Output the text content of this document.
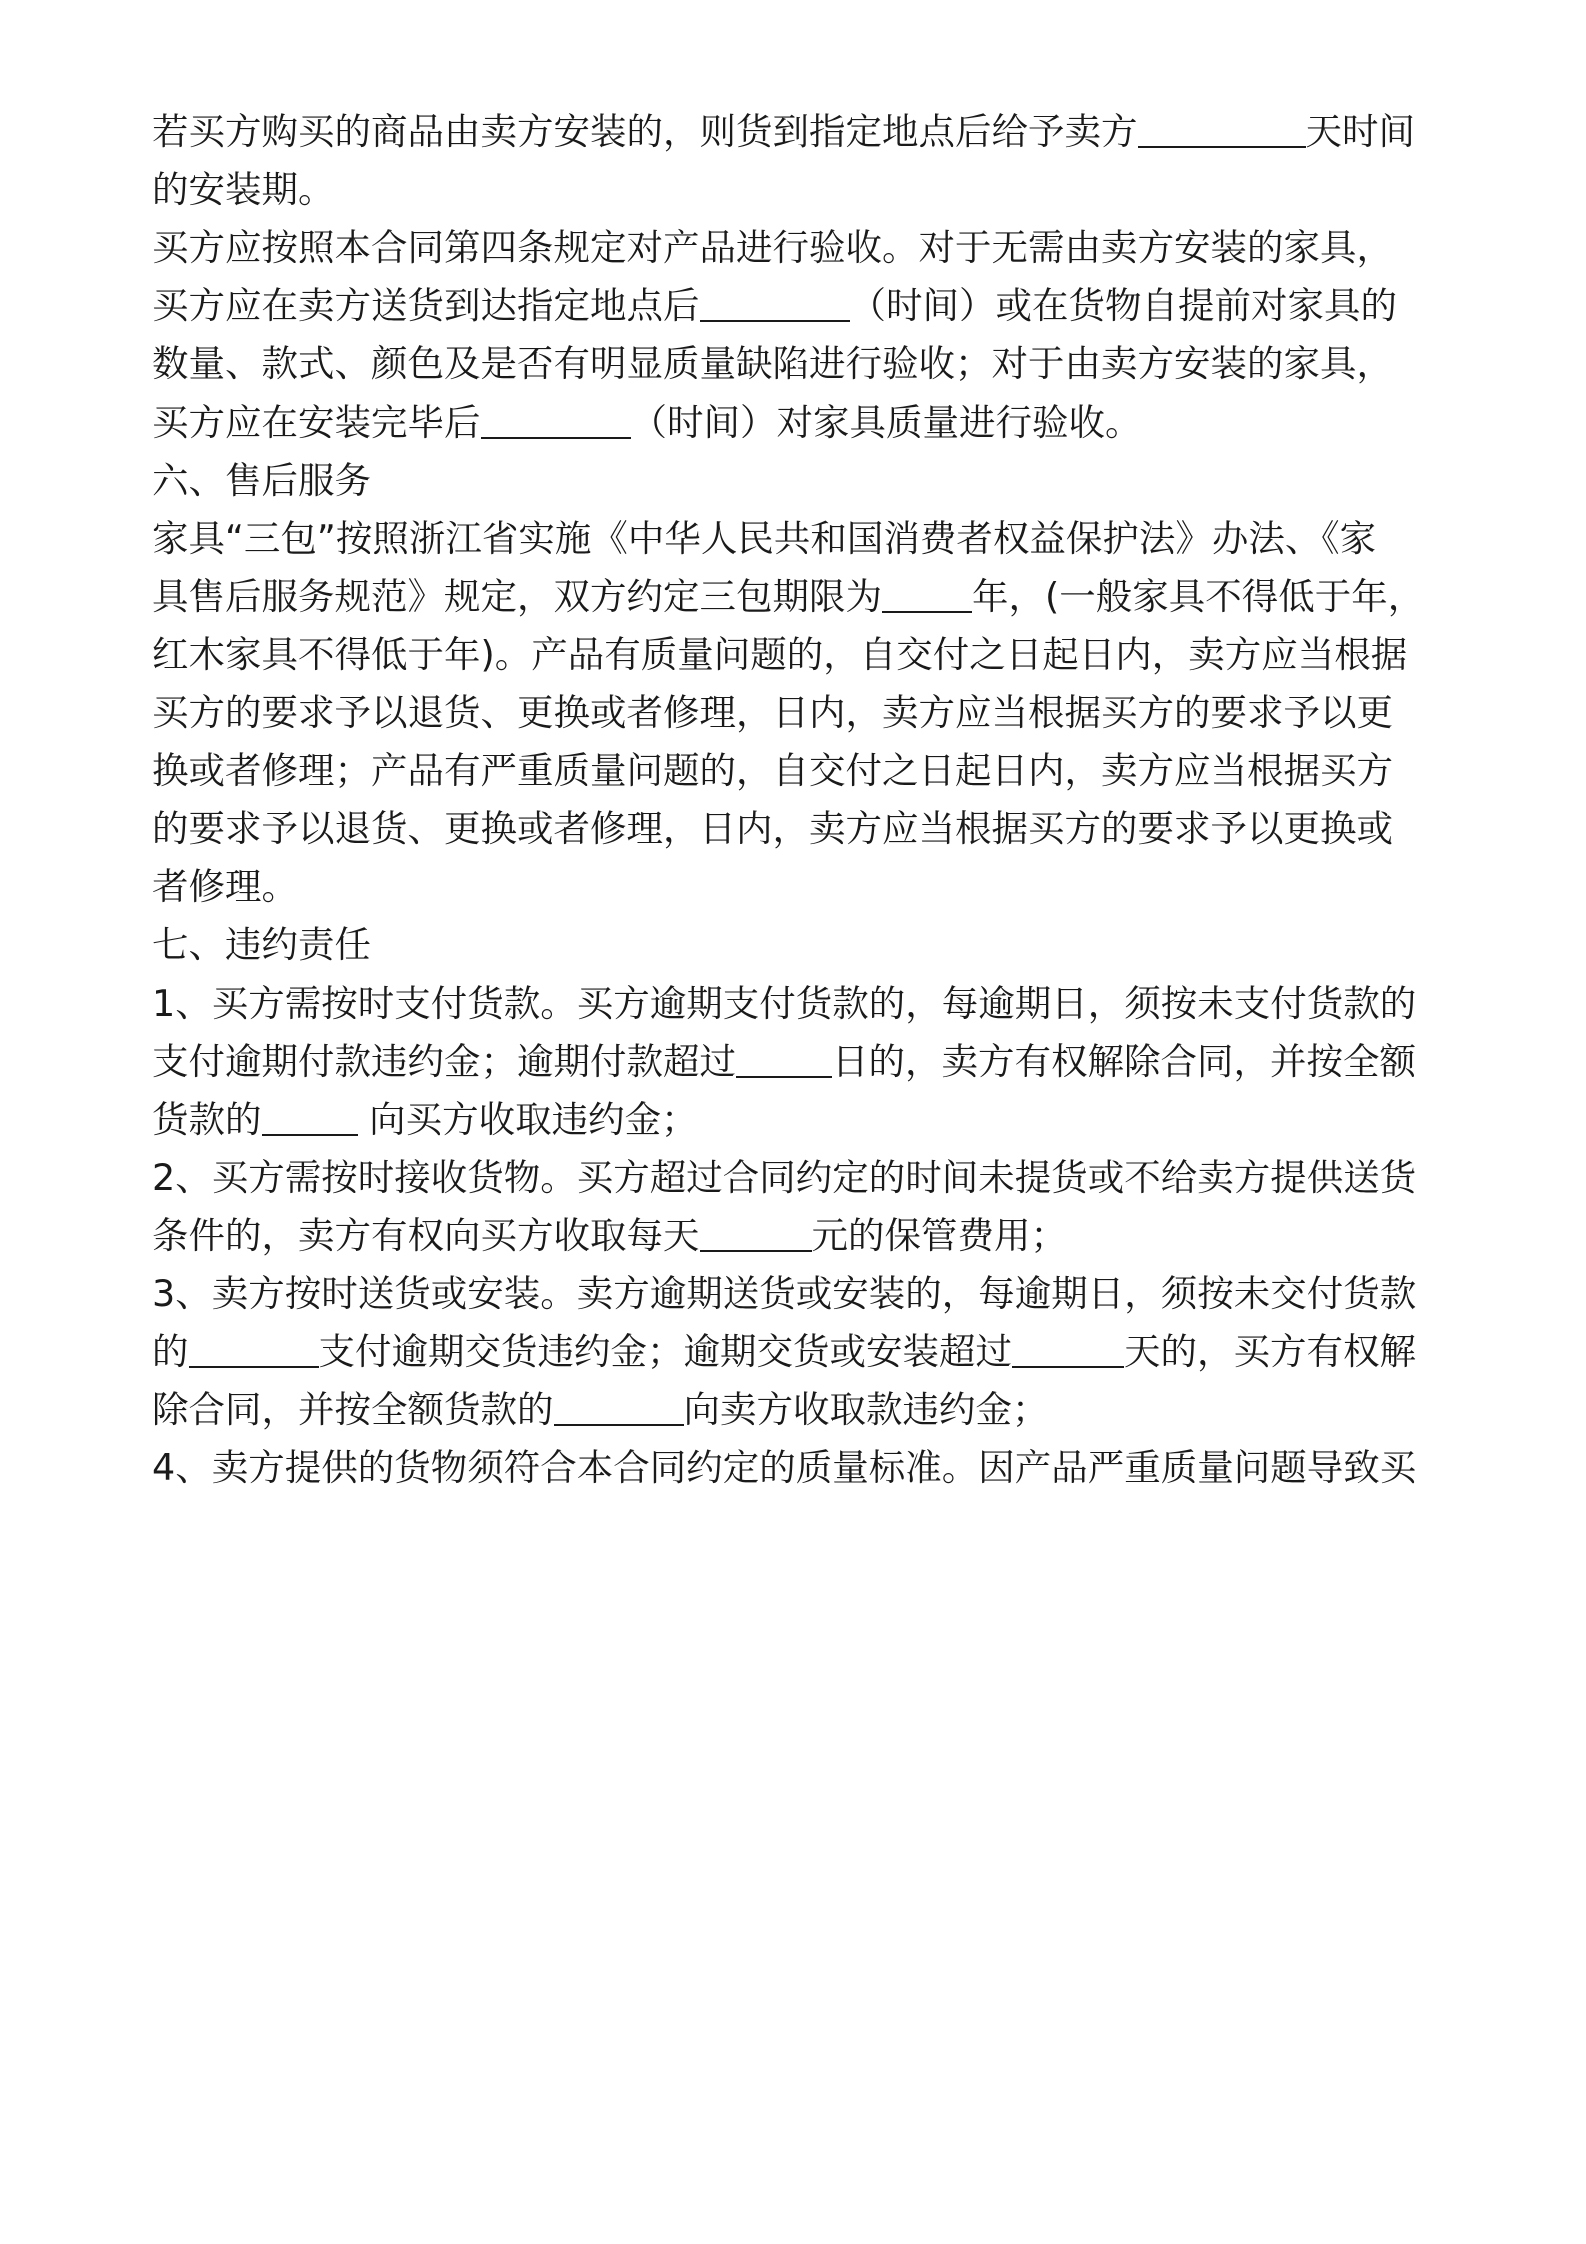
若买方购买的商品由卖方安装的，则货到指定地点后给予卖方	天时间
的安装期。
买方应按照本合同第四条规定对产品进行验收。对于无需由卖方安装的家具，
买方应在卖方送货到达指定地点后	（时间）或在货物自提前对家具的
数量、款式、颜色及是否有明显质量缺陷进行验收；对于由卖方安装的家具，
买方应在安装完毕后	（时间）对家具质量进行验收。
六、售后服务
家具“三包”按照浙江省实施《中华人民共和国消费者权益保护法》办法、《家
具售后服务规范》规定，双方约定三包期限为 年，(一般家具不得低于年，
红木家具不得低于年)。产品有质量问题的，自交付之日起日内，卖方应当根据
买方的要求予以退货、更换或者修理，日内，卖方应当根据买方的要求予以更
换或者修理；产品有严重质量问题的，自交付之日起日内，卖方应当根据买方
的要求予以退货、更换或者修理，日内，卖方应当根据买方的要求予以更换或
者修理。
七、违约责任
1、买方需按时支付货款。买方逾期支付货款的，每逾期日，须按未支付货款的
支付逾期付款违约金；逾期付款超过	日的，卖方有权解除合同，并按全额
货款的	向买方收取违约金；
2、买方需按时接收货物。买方超过合同约定的时间未提货或不给卖方提供送货
条件的，卖方有权向买方收取每天	元的保管费用；
3、卖方按时送货或安装。卖方逾期送货或安装的，每逾期日，须按未交付货款
的	支付逾期交货违约金；逾期交货或安装超过	天的，买方有权解
除合同，并按全额货款的	向卖方收取款违约金；
4、卖方提供的货物须符合本合同约定的质量标准。因产品严重质量问题导致买
